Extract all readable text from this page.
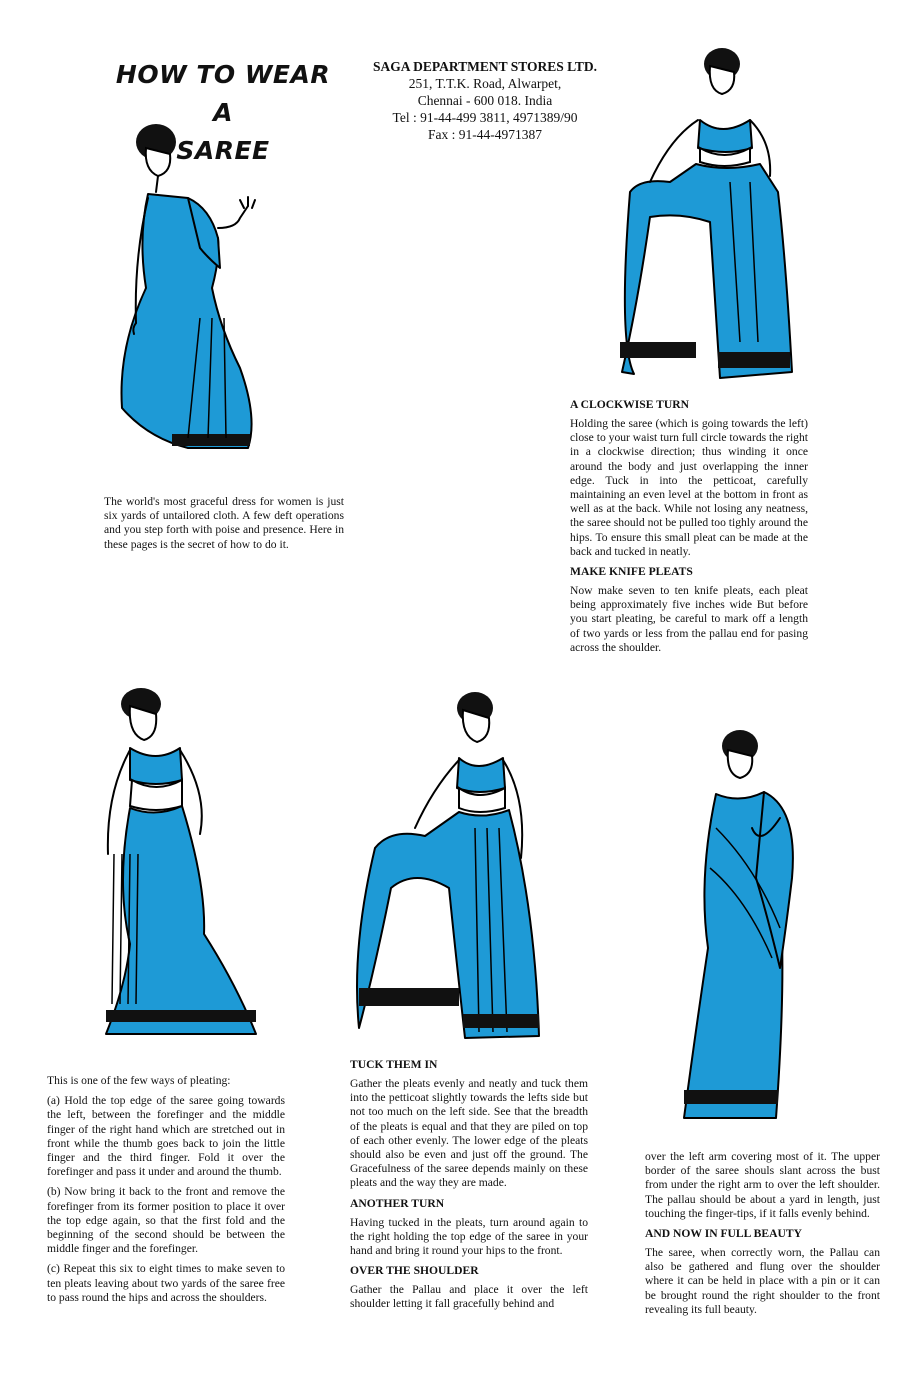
HOW TO WEAR A
SAREE
SAGA DEPARTMENT STORES LTD.
251, T.T.K. Road, Alwarpet,
Chennai - 600 018. India
Tel : 91-44-499 3811, 4971389/90
Fax : 91-44-4971387
The world's most graceful dress for women is just six yards of untailored cloth. A few deft operations and you step forth with poise and presence. Here in these pages is the secret of how to do it.
A CLOCKWISE TURN

Holding the saree (which is going towards the left) close to your waist turn full circle towards the right in a clockwise direction; thus winding it once around the body and just overlapping the inner edge. Tuck in into the petticoat, carefully maintaining an even level at the bottom in front as well as at the back. While not losing any neatness, the saree should not be pulled too tighly around the hips. To ensure this small pleat can be made at the back and tucked in neatly.

MAKE KNIFE PLEATS

Now make seven to ten knife pleats, each pleat being approximately five inches wide But before you start pleating, be careful to mark off a length of two yards or less from the pallau end for pasing across the shoulder.

TUCK THEM IN

Gather the pleats evenly and neatly and tuck them into the petticoat slightly towards the lefts side but not too much on the left side. See that the breadth of the pleats is equal and that they are piled on top of each other evenly. The lower edge of the pleats should also be even and just off the ground. The Gracefulness of the saree depends mainly on these pleats and the way they are made.

ANOTHER TURN

Having tucked in the pleats, turn around again to the right holding the top edge of the saree in your hand and bring it round your hips to the front.

OVER THE SHOULDER

Gather the Pallau and place it over the left shoulder letting it fall gracefully behind and

This is one of the few ways of pleating:

(a) Hold the top edge of the saree going towards the left, between the forefinger and the middle finger of the right hand which are stretched out in front while the thumb goes back to join the little finger and the third finger. Fold it over the forefinger and pass it under and around the thumb.

(b) Now bring it back to the front and remove the forefinger from its former position to place it over the top edge again, so that the first fold and the beginning of the second should be between the middle finger and the forefinger.

(c) Repeat this six to eight times to make seven to ten pleats leaving about two yards of the saree free to pass round the hips and across the shoulders.

over the left arm covering most of it. The upper border of the saree shouls slant across the bust from under the right arm to over the left shoulder. The pallau should be about a yard in length, just touching the finger-tips, if it falls evenly behind.

AND NOW IN FULL BEAUTY

The saree, when correctly worn, the Pallau can also be gathered and flung over the shoulder where it can be held in place with a pin or it can be brought round the right shoulder to the front revealing its full beauty.
